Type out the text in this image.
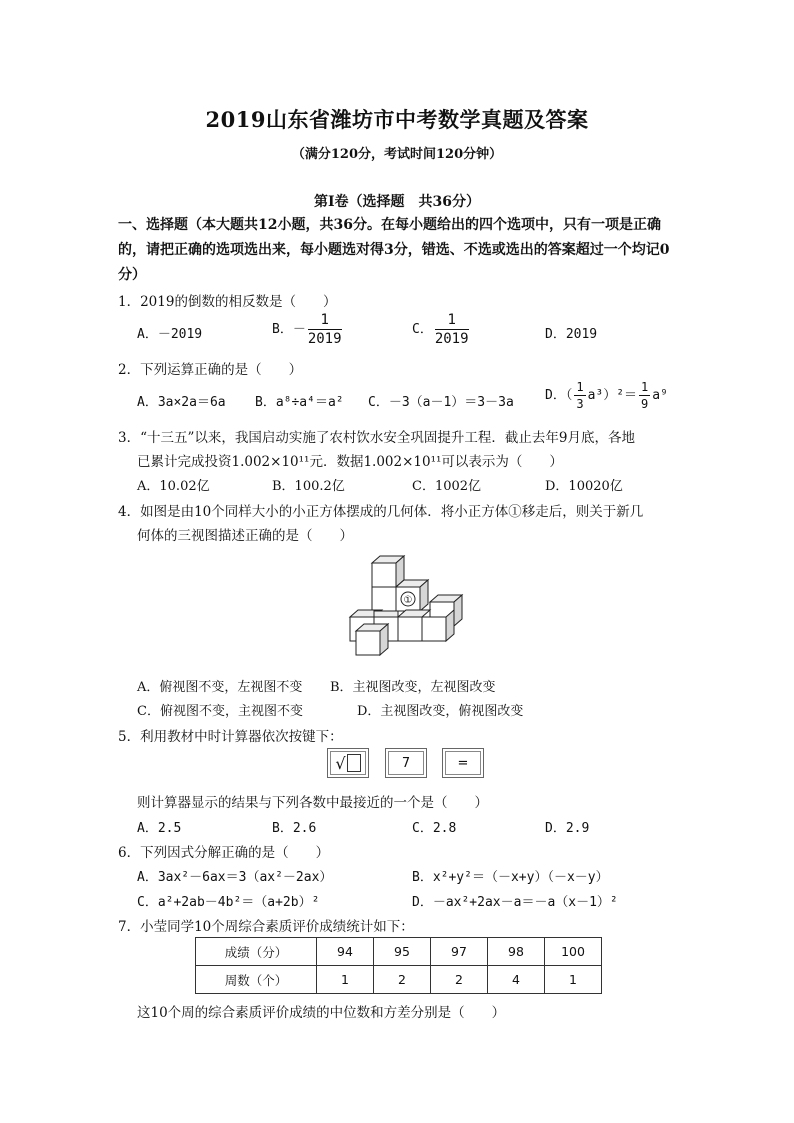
2019山东省潍坊市中考数学真题及答案
（满分120分，考试时间120分钟）
第Ⅰ卷（选择题　共36分）
一、选择题（本大题共12小题，共36分。在每小题给出的四个选项中，只有一项是正确的，请把正确的选项选出来，每小题选对得3分，错选、不选或选出的答案超过一个均记0分）
1．2019的倒数的相反数是（　　）
A．－2019	B．－ $\frac{1}{2019}$	C． $\frac{1}{2019}$	D．2019
2．下列运算正确的是（　　）
A．3a×2a＝6a B．a⁸÷a⁴＝a² C．－3（a－1）＝3－3a D．（ $\frac{1}{3} a^3)^2= \frac{1}{9} a^9$
3．“十三五”以来，我国启动实施了农村饮水安全巩固提升工程．截止去年9月底，各地
已累计完成投资1.002×10¹¹元．数据1.002×10¹¹可以表示为（　　）
A．10.02亿	B．100.2亿	C．1002亿	D．10020亿
4．如图是由10个同样大小的小正方体摆成的几何体．将小正方体①移走后，则关于新几
何体的三视图描述正确的是（　　）
①
A．俯视图不变，左视图不变 B．主视图改变，左视图改变
C．俯视图不变，主视图不变	D．主视图改变，俯视图改变
5．利用教材中时计算器依次按键下：
√	7	=
则计算器显示的结果与下列各数中最接近的一个是（　　）
A．2.5	B．2.6	C．2.8	D．2.9
6．下列因式分解正确的是（　　）
A．3ax²－6ax＝3（ax²－2ax）	B．x²+y²＝（－x+y）（－x－y）
C．a²+2ab－4b²＝（a+2b）²	D．－ax²+2ax－a＝－a（x－1）²
7．小莹同学10个周综合素质评价成绩统计如下：
成绩（分）	94	95	97	98	100
周数（个）	1	2	2	4	1
这10个周的综合素质评价成绩的中位数和方差分别是（　　）
